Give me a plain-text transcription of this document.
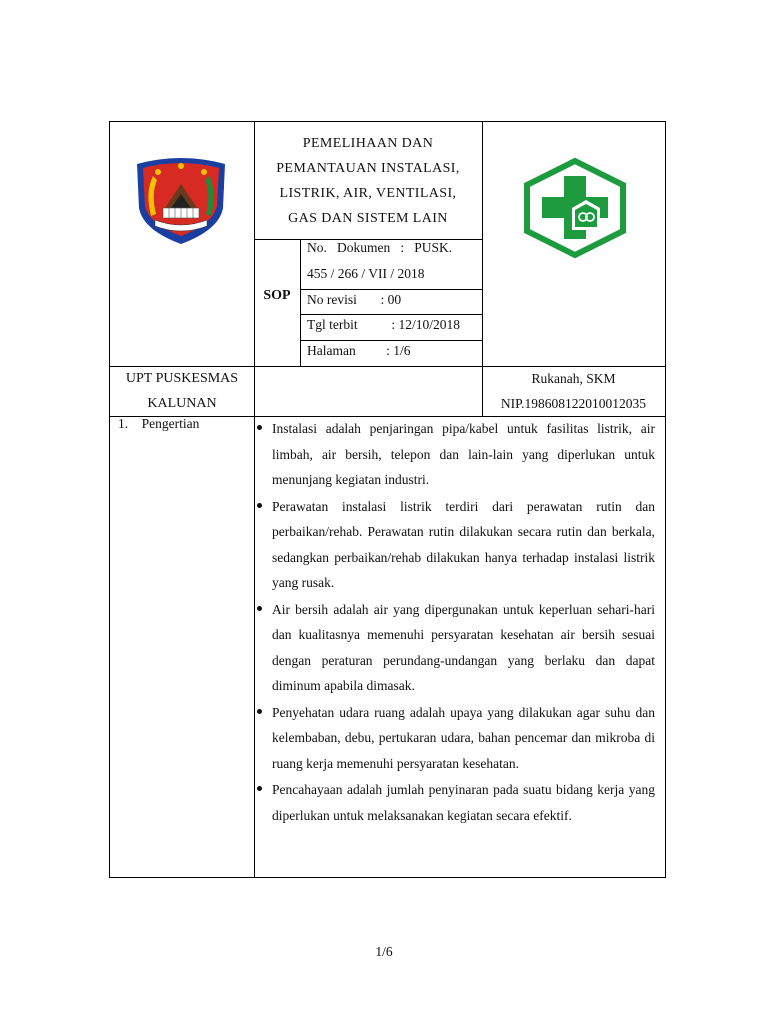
PEMELIHAAN DAN
PEMANTAUAN INSTALASI,
LISTRIK, AIR, VENTILASI,
GAS DAN SISTEM LAIN
SOP
No.   Dokumen   :   PUSK.
455 / 266 / VII / 2018
No revisi       : 00
Tgl terbit          : 12/10/2018
Halaman         : 1/6
UPT PUSKESMAS
KALUNAN
Rukanah, SKM
NIP.198608122010012035
1.    Pengertian	Instalasi adalah penjaringan pipa/kabel untuk fasilitas listrik, air limbah, air bersih, telepon dan lain-lain yang diperlukan untuk menunjang kegiatan industri.

Perawatan instalasi listrik terdiri dari perawatan rutin dan perbaikan/rehab. Perawatan rutin dilakukan secara rutin dan berkala, sedangkan perbaikan/rehab dilakukan hanya terhadap instalasi listrik yang rusak.

Air bersih adalah air yang dipergunakan untuk keperluan sehari-hari dan kualitasnya memenuhi persyaratan kesehatan air bersih sesuai dengan peraturan perundang-undangan yang berlaku dan dapat diminum apabila dimasak.

Penyehatan udara ruang adalah upaya yang dilakukan agar suhu dan kelembaban, debu, pertukaran udara, bahan pencemar dan mikroba di ruang kerja memenuhi persyaratan kesehatan.

Pencahayaan adalah jumlah penyinaran pada suatu bidang kerja yang diperlukan untuk melaksanakan kegiatan secara efektif.

1/6
